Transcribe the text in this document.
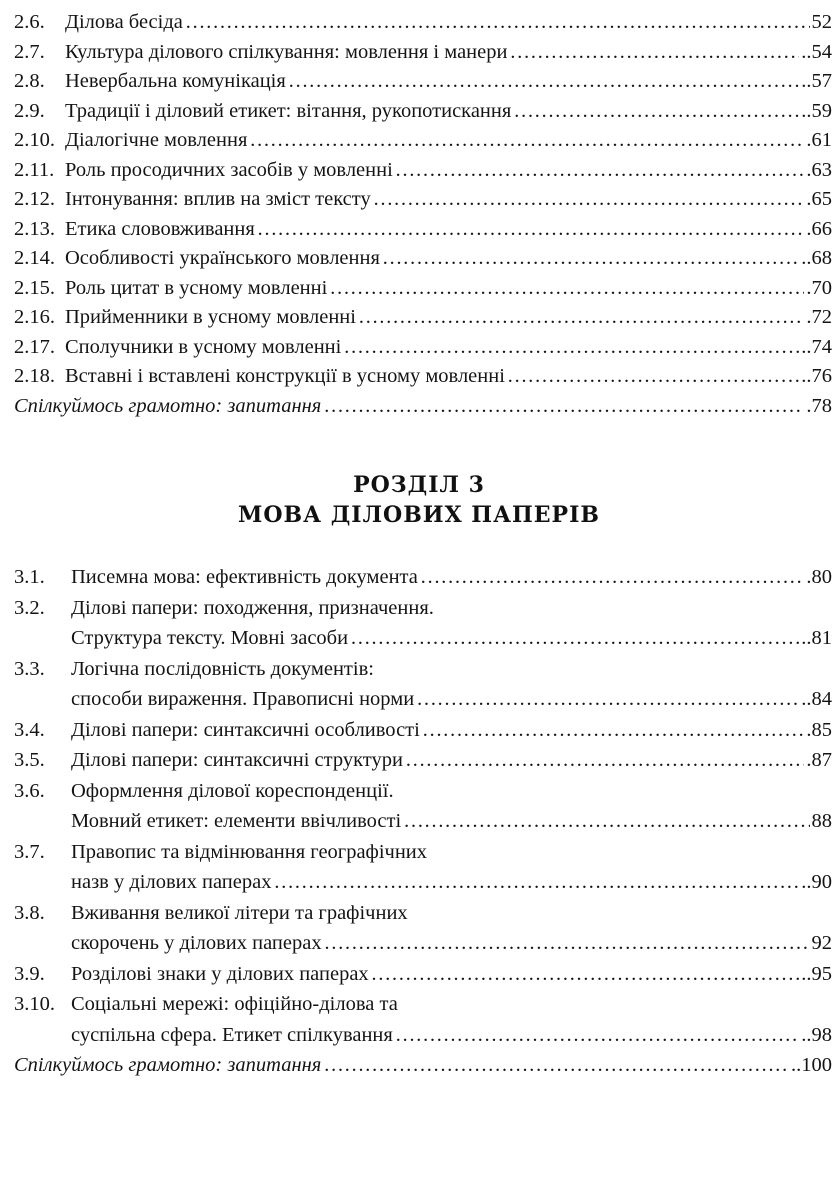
2.6. Ділова бесіда …………………………………………………………………………………………………………………………………………………………………………………………	52
2.7. Культура ділового спілкування: мовлення і манери …………………………………………………………………………………………………………………………………………………………………………………………	..54
2.8. Невербальна комунікація …………………………………………………………………………………………………………………………………………………………………………………………	..57
2.9. Традиції і діловий етикет: вітання, рукопотискання …………………………………………………………………………………………………………………………………………………………………………………………	..59
2.10. Діалогічне мовлення …………………………………………………………………………………………………………………………………………………………………………………………	.61
2.11. Роль просодичних засобів у мовленні …………………………………………………………………………………………………………………………………………………………………………………………	.63
2.12. Інтонування: вплив на зміст тексту …………………………………………………………………………………………………………………………………………………………………………………………	.65
2.13. Етика слововживання …………………………………………………………………………………………………………………………………………………………………………………………	.66
2.14. Особливості українського мовлення …………………………………………………………………………………………………………………………………………………………………………………………	..68
2.15. Роль цитат в усному мовленні …………………………………………………………………………………………………………………………………………………………………………………………	.70
2.16. Прийменники в усному мовленні …………………………………………………………………………………………………………………………………………………………………………………………	.72
2.17. Сполучники в усному мовленні …………………………………………………………………………………………………………………………………………………………………………………………	..74
2.18. Вставні і вставлені конструкції в усному мовленні …………………………………………………………………………………………………………………………………………………………………………………………	..76
Спілкуймось грамотно: запитання …………………………………………………………………………………………………………………………………………………………………………………………	.78
РОЗДІЛ 3
МОВА ДІЛОВИХ ПАПЕРІВ
3.1.	Писемна мова: ефективність документа …………………………………………………………………………………………………………………………………………………………………………………………	.80
3.2.	Ділові папери: походження, призначення.
Структура тексту. Мовні засоби …………………………………………………………………………………………………………………………………………………………………………………………	..81
3.3.	Логічна послідовність документів:
способи вираження. Правописні норми …………………………………………………………………………………………………………………………………………………………………………………………	..84
3.4.	Ділові папери: синтаксичні особливості …………………………………………………………………………………………………………………………………………………………………………………………	.85
3.5.	Ділові папери: синтаксичні структури …………………………………………………………………………………………………………………………………………………………………………………………	.87
3.6.	Оформлення ділової кореспонденції.
Мовний етикет: елементи ввічливості …………………………………………………………………………………………………………………………………………………………………………………………	88
3.7.	Правопис та відмінювання географічних
назв у ділових паперах …………………………………………………………………………………………………………………………………………………………………………………………	..90
3.8.	Вживання великої літери та графічних
скорочень у ділових паперах …………………………………………………………………………………………………………………………………………………………………………………………	92
3.9.	Розділові знаки у ділових паперах …………………………………………………………………………………………………………………………………………………………………………………………	..95
3.10. Соціальні мережі: офіційно-ділова та
суспільна сфера. Етикет спілкування …………………………………………………………………………………………………………………………………………………………………………………………	..98
Спілкуймось грамотно: запитання …………………………………………………………………………………………………………………………………………………………………………………………	..100
